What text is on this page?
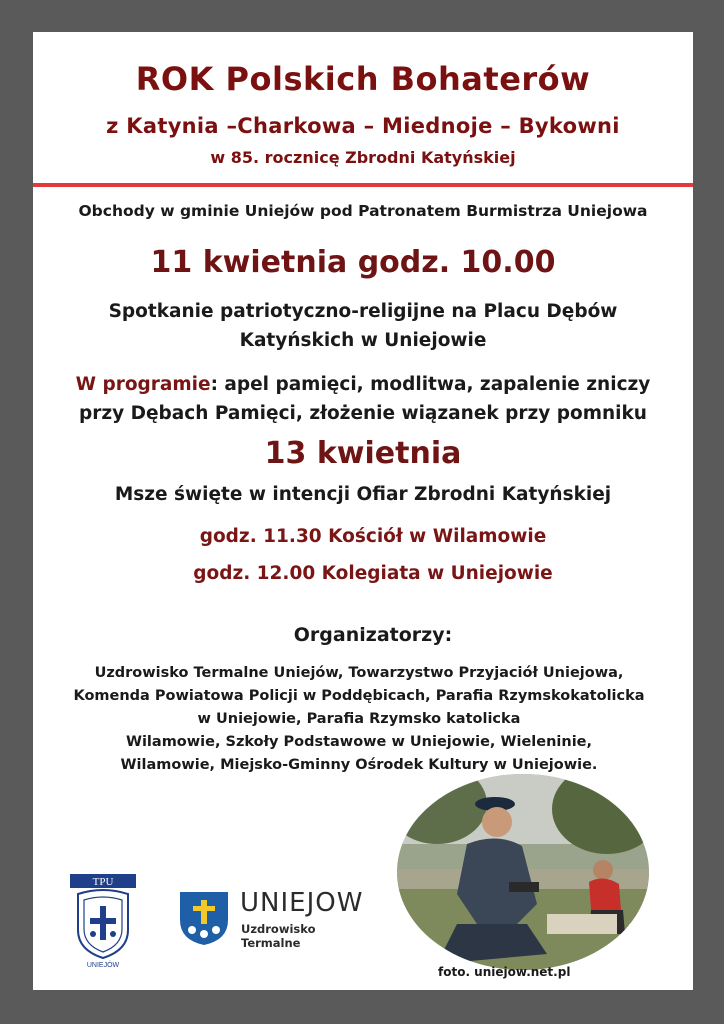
ROK Polskich Bohaterów
z Katynia –Charkowa – Miednoje – Bykowni
w 85. rocznicę Zbrodni Katyńskiej
Obchody w gminie Uniejów pod Patronatem Burmistrza Uniejowa
11 kwietnia godz. 10.00
Spotkanie patriotyczno-religijne na Placu Dębów
Katyńskich w Uniejowie
W programie: apel pamięci, modlitwa, zapalenie zniczy
przy Dębach Pamięci, złożenie wiązanek przy pomniku
13 kwietnia
Msze święte w intencji Ofiar Zbrodni Katyńskiej
godz. 11.30 Kościół w Wilamowie
godz. 12.00 Kolegiata w Uniejowie
Organizatorzy:
Uzdrowisko Termalne Uniejów, Towarzystwo Przyjaciół Uniejowa,
Komenda Powiatowa Policji w Poddębicach, Parafia Rzymskokatolicka
w Uniejowie, Parafia Rzymsko katolicka
Wilamowie, Szkoły Podstawowe w Uniejowie, Wieleninie,
Wilamowie, Miejsko-Gminny Ośrodek Kultury w Uniejowie.
TPU
UNIEJÓW
UNIEJOW
Uzdrowisko Termalne
foto. uniejow.net.pl
